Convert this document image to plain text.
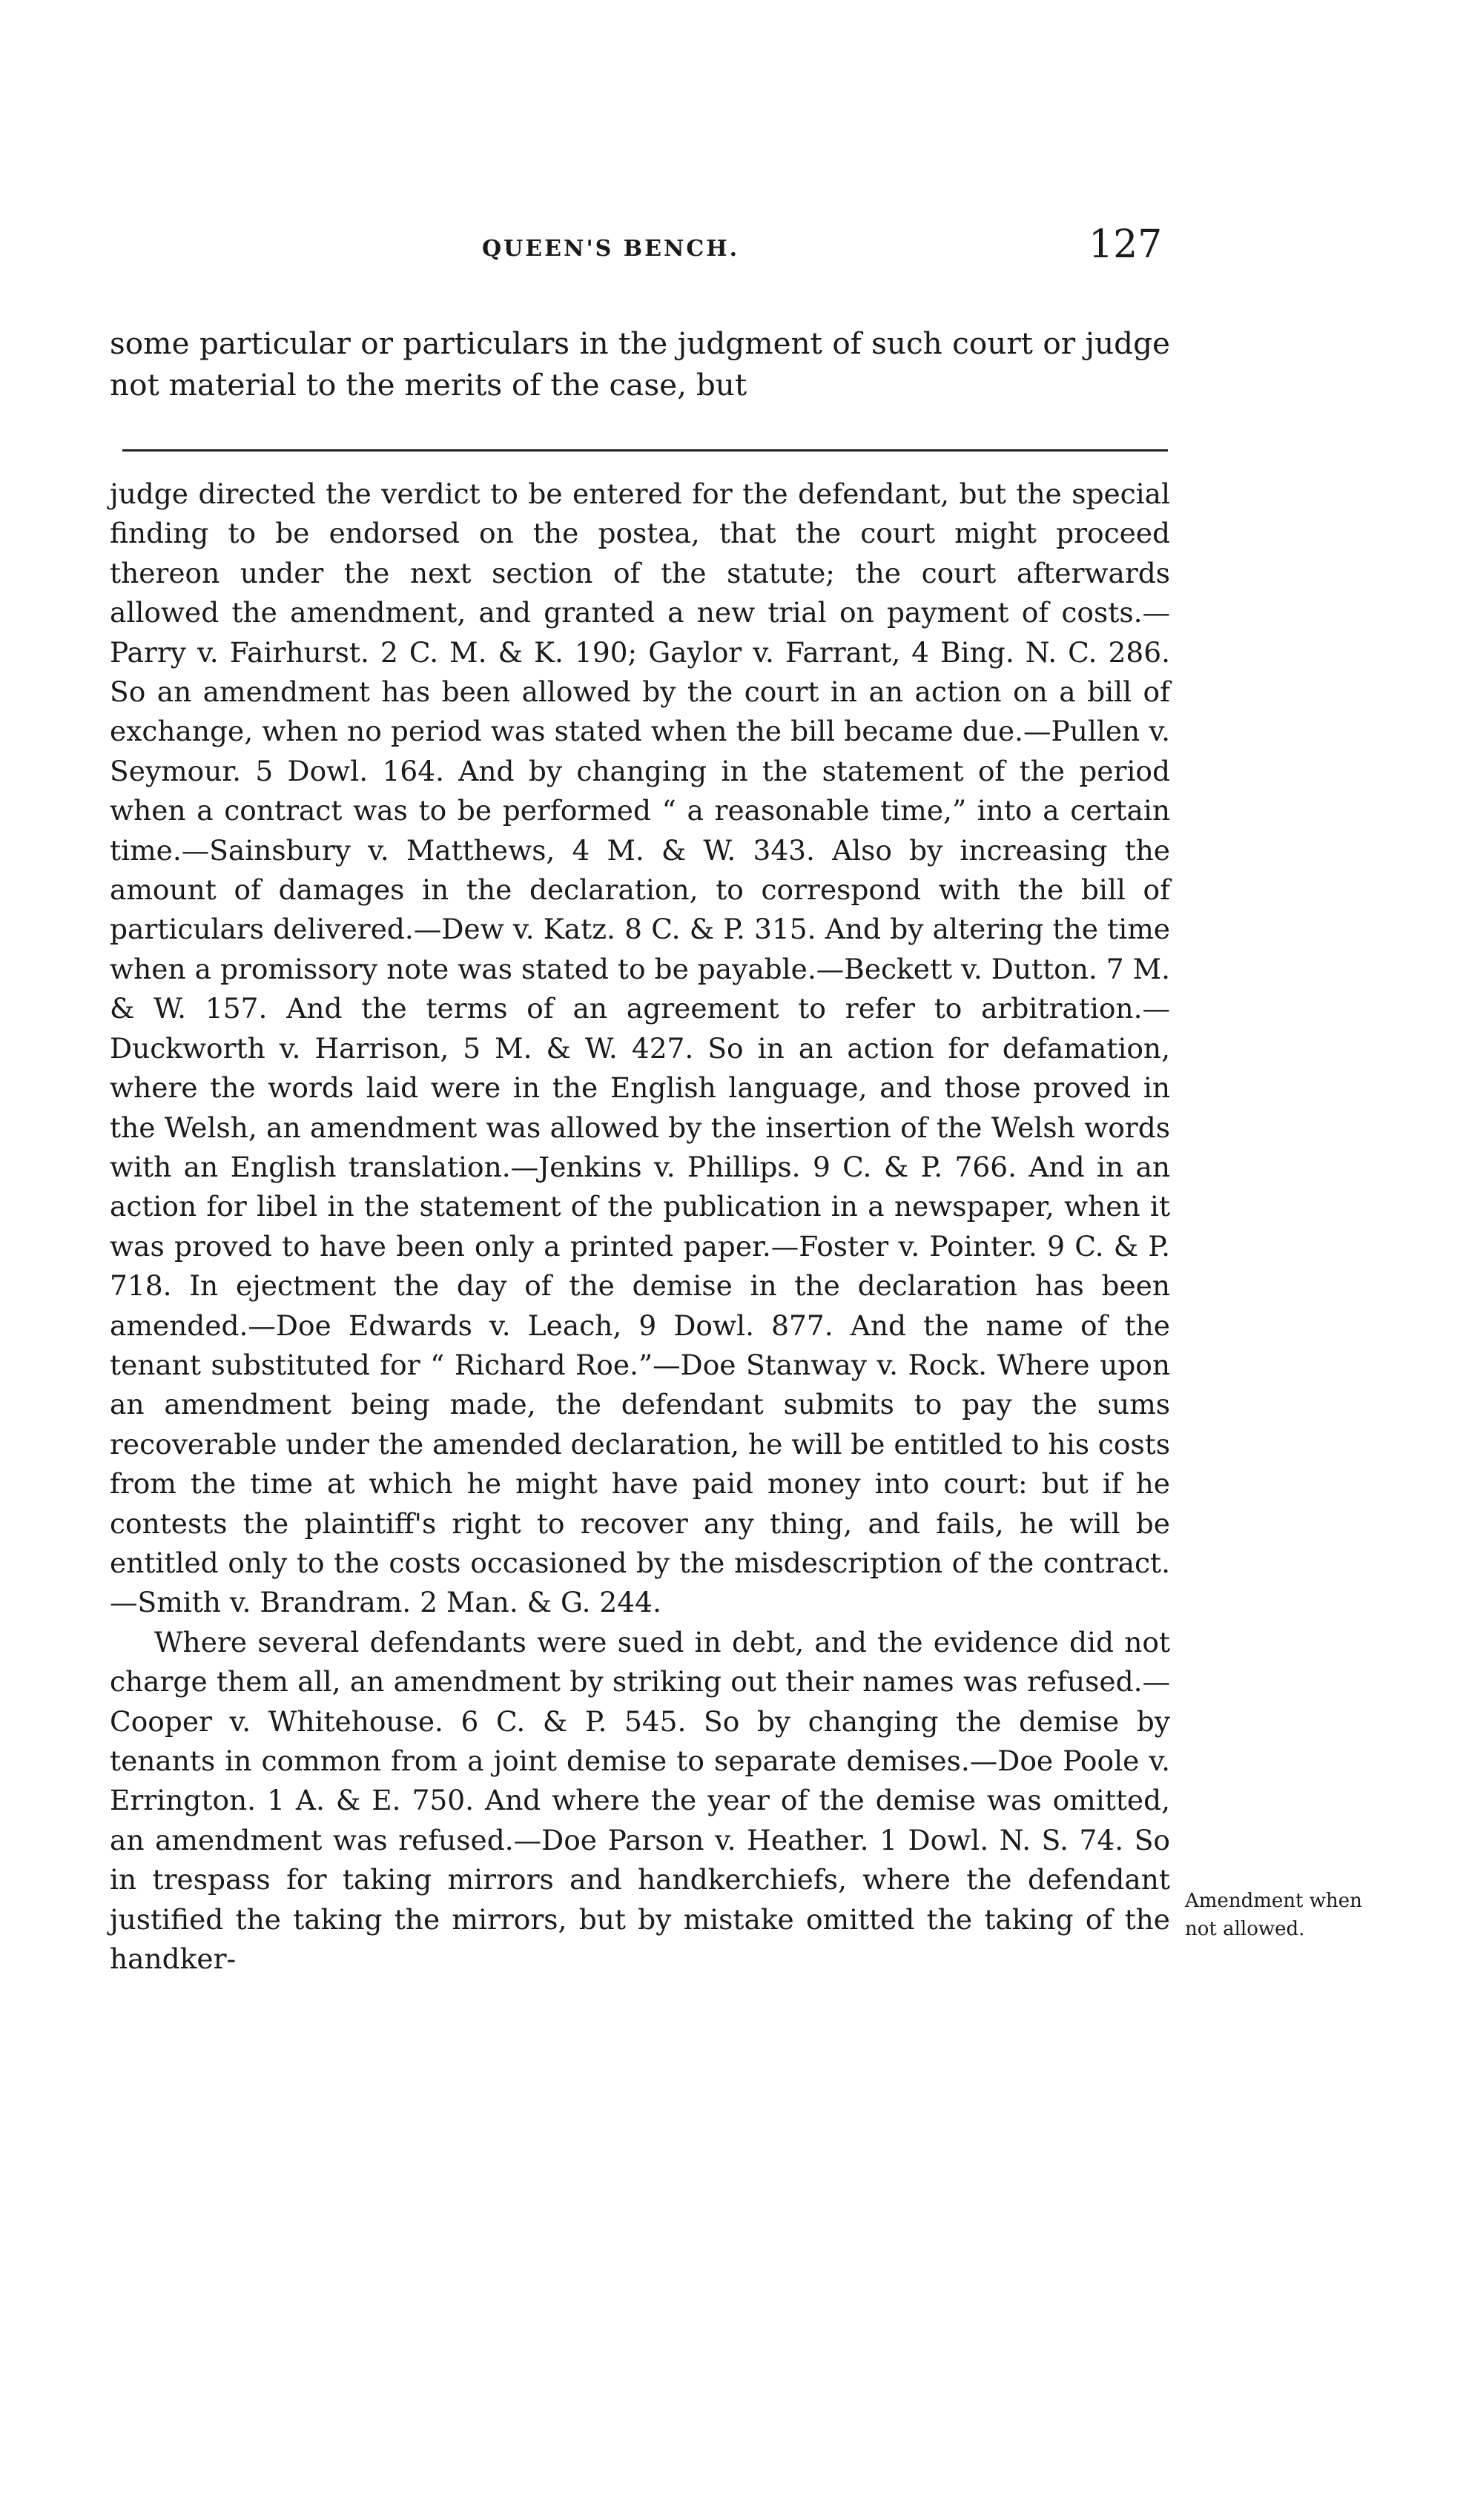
QUEEN'S BENCH.	127

some particular or particulars in the judgment of such court or judge not material to the merits of the case, but

judge directed the verdict to be entered for the defendant, but the special finding to be endorsed on the postea, that the court might proceed thereon under the next section of the statute; the court afterwards allowed the amendment, and granted a new trial on payment of costs.—Parry v. Fairhurst. 2 C. M. & K. 190; Gaylor v. Farrant, 4 Bing. N. C. 286. So an amendment has been allowed by the court in an action on a bill of exchange, when no period was stated when the bill became due.—Pullen v. Seymour. 5 Dowl. 164. And by changing in the statement of the period when a contract was to be performed “ a reasonable time,” into a certain time.—Sainsbury v. Matthews, 4 M. & W. 343. Also by increasing the amount of damages in the declaration, to correspond with the bill of particulars delivered.—Dew v. Katz. 8 C. & P. 315. And by altering the time when a promissory note was stated to be payable.—Beckett v. Dutton. 7 M. & W. 157. And the terms of an agreement to refer to arbitration.—Duckworth v. Harrison, 5 M. & W. 427. So in an action for defamation, where the words laid were in the English language, and those proved in the Welsh, an amendment was allowed by the insertion of the Welsh words with an English translation.—Jenkins v. Phillips. 9 C. & P. 766. And in an action for libel in the statement of the publication in a newspaper, when it was proved to have been only a printed paper.—Foster v. Pointer. 9 C. & P. 718. In ejectment the day of the demise in the declaration has been amended.—Doe Edwards v. Leach, 9 Dowl. 877. And the name of the tenant substituted for “ Richard Roe.”—Doe Stanway v. Rock. Where upon an amendment being made, the defendant submits to pay the sums recoverable under the amended declaration, he will be entitled to his costs from the time at which he might have paid money into court: but if he contests the plaintiff's right to recover any thing, and fails, he will be entitled only to the costs occasioned by the misdescription of the contract.—Smith v. Brandram. 2 Man. & G. 244.

Where several defendants were sued in debt, and the evidence did not charge them all, an amendment by striking out their names was refused.—Cooper v. Whitehouse. 6 C. & P. 545. So by changing the demise by tenants in common from a joint demise to separate demises.—Doe Poole v. Errington. 1 A. & E. 750. And where the year of the demise was omitted, an amendment was refused.—Doe Parson v. Heather. 1 Dowl. N. S. 74. So in trespass for taking mirrors and handkerchiefs, where the defendant justified the taking the mirrors, but by mistake omitted the taking of the handker-

Amendment when not allowed.
